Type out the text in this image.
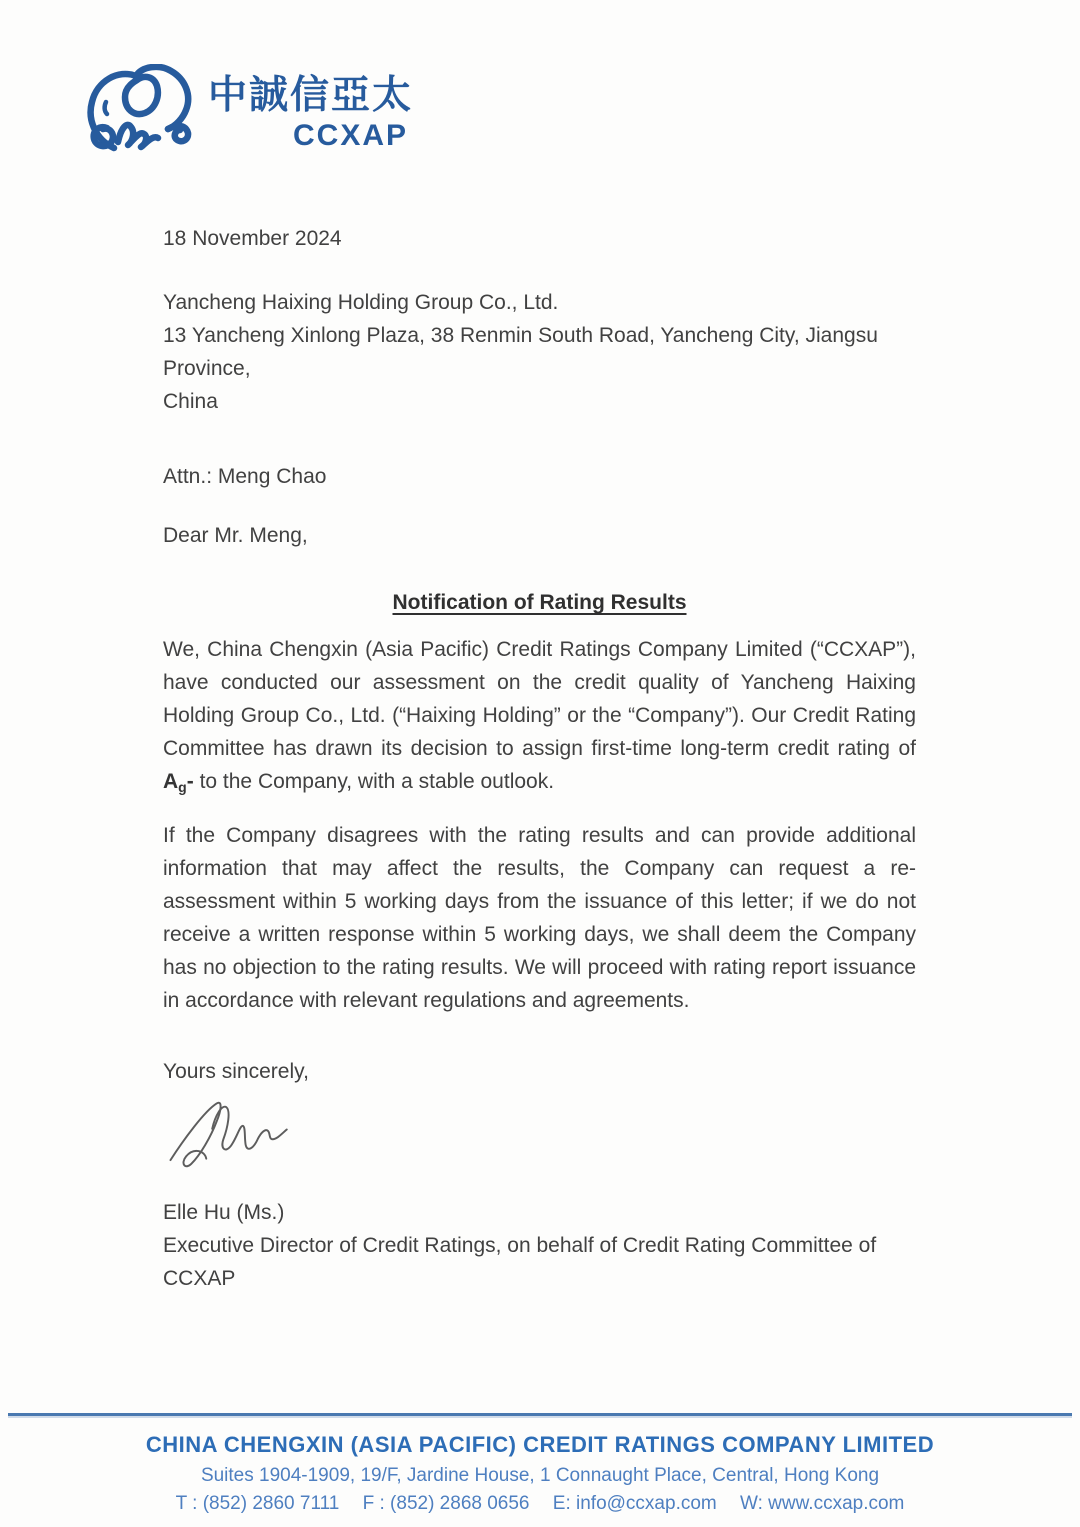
中誠信亞太
CCXAP
18 November 2024
Yancheng Haixing Holding Group Co., Ltd.
13 Yancheng Xinlong Plaza, 38 Renmin South Road, Yancheng City, Jiangsu Province,
China
Attn.: Meng Chao
Dear Mr. Meng,
Notification of Rating Results

We, China Chengxin (Asia Pacific) Credit Ratings Company Limited (“CCXAP”), have conducted our assessment on the credit quality of Yancheng Haixing Holding Group Co., Ltd. (“Haixing Holding” or the “Company”). Our Credit Rating Committee has drawn its decision to assign first-time long-term credit rating of $A_g-$ to the Company, with a stable outlook.

If the Company disagrees with the rating results and can provide additional information that may affect the results, the Company can request a re-assessment within 5 working days from the issuance of this letter; if we do not receive a written response within 5 working days, we shall deem the Company has no objection to the rating results. We will proceed with rating report issuance in accordance with relevant regulations and agreements.

Yours sincerely,
Elle Hu (Ms.)
Executive Director of Credit Ratings, on behalf of Credit Rating Committee of CCXAP
CHINA CHENGXIN (ASIA PACIFIC) CREDIT RATINGS COMPANY LIMITED
Suites 1904-1909, 19/F, Jardine House, 1 Connaught Place, Central, Hong Kong
T : (852) 2860 7111 F : (852) 2868 0656 E: info@ccxap.com W: www.ccxap.com
